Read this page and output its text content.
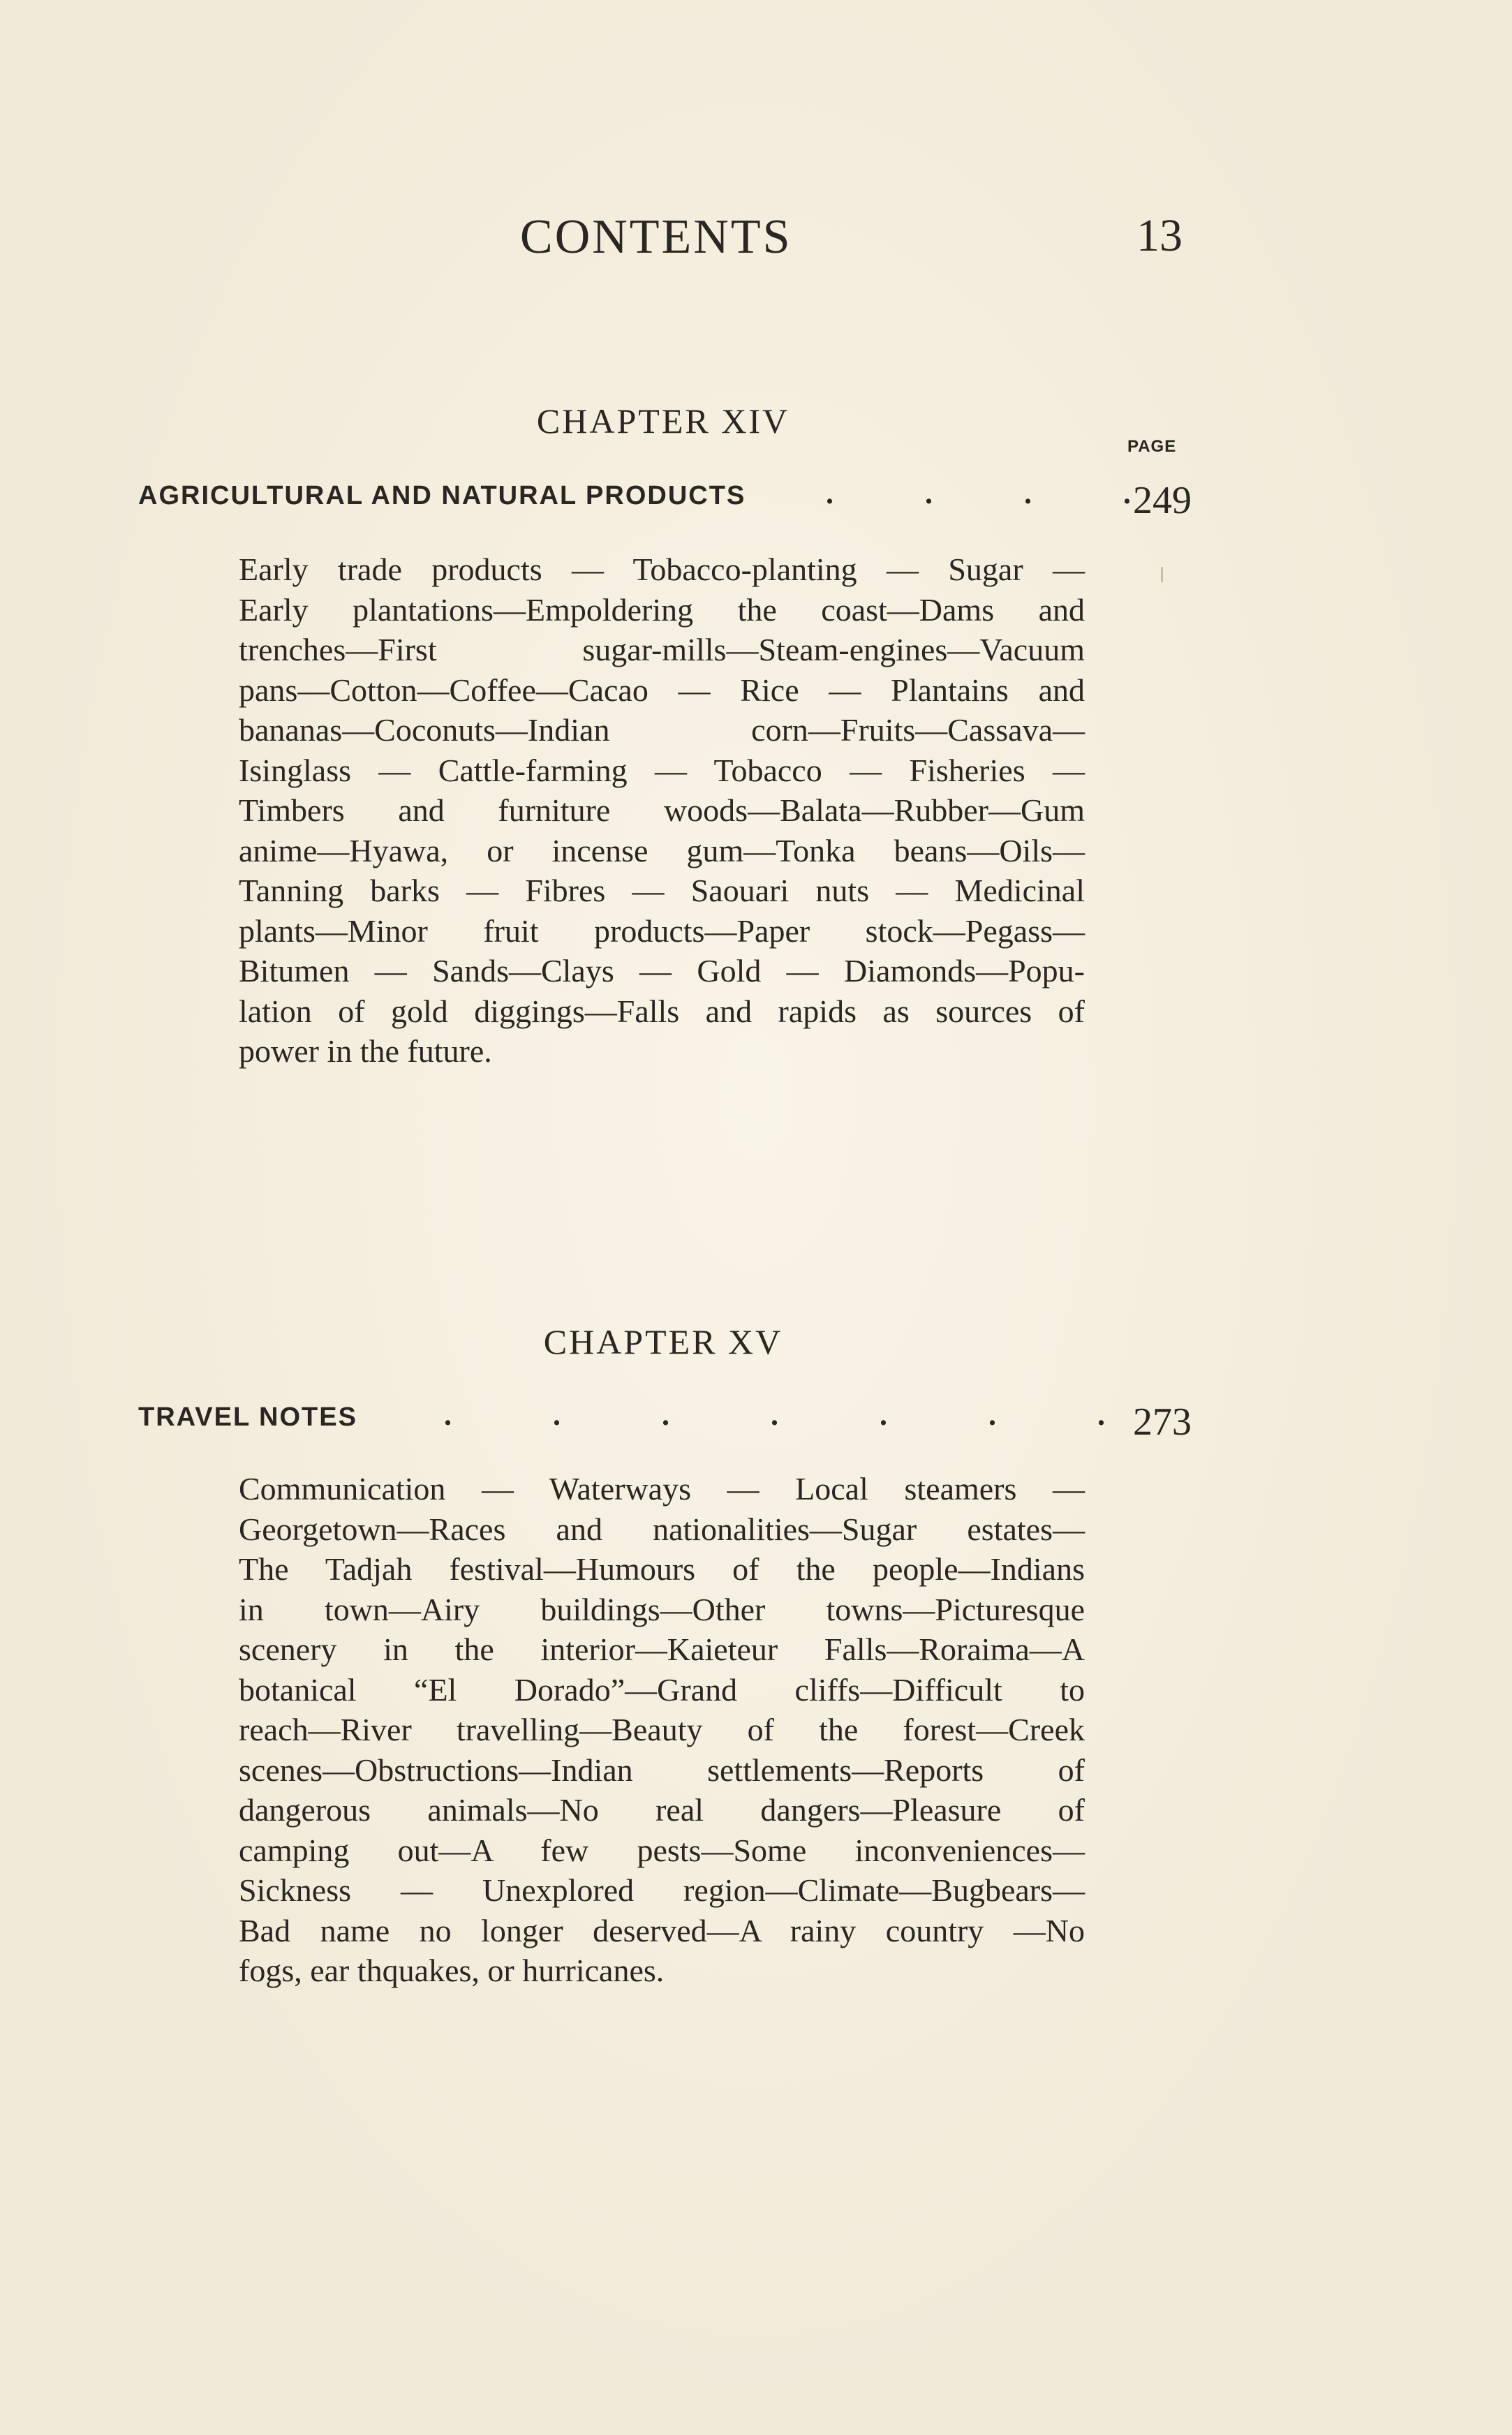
CONTENTS	13
CHAPTER XIV
PAGE
AGRICULTURAL AND NATURAL PRODUCTS	. . . . 249

Early trade products — Tobacco-planting — Sugar —
Early plantations—Empoldering the coast—Dams and
trenches—First sugar-mills—Steam-engines—Vacuum
pans—Cotton—Coffee—Cacao — Rice — Plantains and
bananas—Coconuts—Indian corn—Fruits—Cassava—
Isinglass — Cattle-farming — Tobacco — Fisheries —
Timbers and furniture woods—Balata—Rubber—Gum
anime—Hyawa, or incense gum—Tonka beans—Oils—
Tanning barks — Fibres — Saouari nuts — Medicinal
plants—Minor fruit products—Paper stock—Pegass—
Bitumen — Sands—Clays — Gold — Diamonds—Popu-
lation of gold diggings—Falls and rapids as sources of
power in the future.

CHAPTER XV
TRAVEL NOTES	. . . . . . . 273

Communication — Waterways — Local steamers —
Georgetown—Races and nationalities—Sugar estates—
The Tadjah festival—Humours of the people—Indians
in town—Airy buildings—Other towns—Picturesque
scenery in the interior—Kaieteur Falls—Roraima—A
botanical “El Dorado”—Grand cliffs—Difficult to
reach—River travelling—Beauty of the forest—Creek
scenes—Obstructions—Indian settlements—Reports of
dangerous animals—No real dangers—Pleasure of
camping out—A few pests—Some inconveniences—
Sickness — Unexplored region—Climate—Bugbears—
Bad name no longer deserved—A rainy country —No
fogs, ear thquakes, or hurricanes.
